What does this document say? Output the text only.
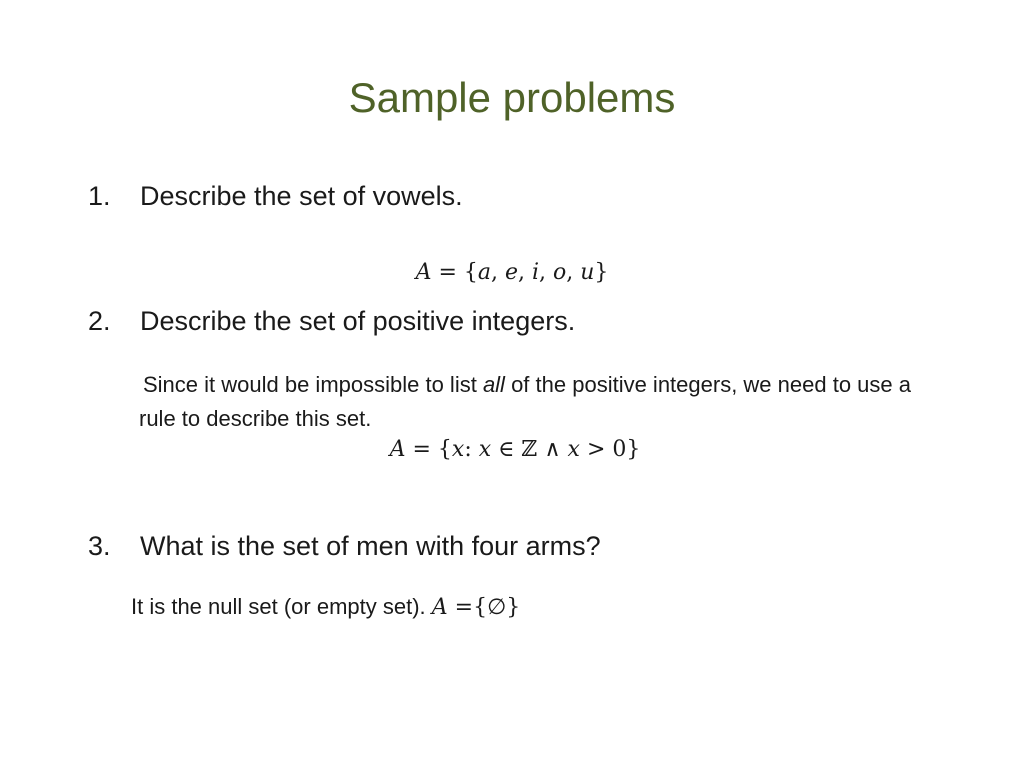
Sample problems
1.	Describe the set of vowels.
𝐴 = {𝑎, 𝑒, 𝑖, 𝑜, 𝑢}
2.	Describe the set of positive integers.
Since it would be impossible to list all of the positive integers, we need to use a rule to describe this set.
𝐴 = {𝑥: 𝑥 ∈ ℤ ∧ 𝑥 > 0}
3.	What is the set of men with four arms?
It is the null set (or empty set). 𝐴 ={∅}
